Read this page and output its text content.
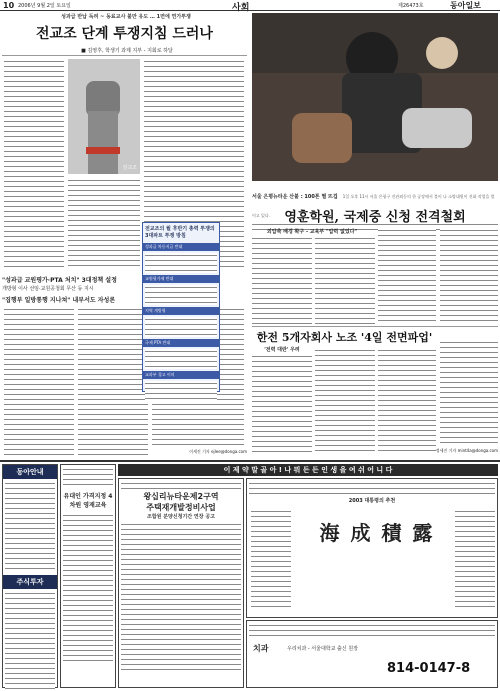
10 2006년 9월 2일 토요일	사회	제26473호	동아일보
성과급 반납 독려 ~ 동료교사 불만 유도 … 1면에 연가투쟁
전교조 단계 투쟁지침 드러나
■ 김영후, 학생기 과제 지부 - 지회로 하달
전교조
"성과급 교원평가·PTA 처치" 3대정책 설정
개방형 이사 선임·교원공청회 무산 등 지시
"집행부 일방통행 지나쳐" 내부서도 자성론
이세진 기자 ejlee@donga.com
전교조의 월 후반기 총력 투쟁의 3대파트 투쟁 방침
성과급 차등지급 반대
교원평가제 반대
지역 개방형
국제 PTA 반대
교과부 경고 이의
서울 은평뉴타운 산불 : 100톤 떨 뜨겁 1일 오후 11시 서울 은평구 진관외동의 한 공장에서 불이 나 소방대원이 진화 작업을 벌이고 있다.	영훈학원, 국제중 신청 전격철회
외압축 배경 확구 - 교육부 "압력 없었다"
한전 5개자회사 노조 '4일 전면파업'
'전력 대란' 우려
정세진 기자 mint4a@donga.com
동아안내
주식투자
유대인 가격지정 4차원 영재교육
이 제 약 말 골 아 ! 나 뭐 든 든 인 생 을 여 쉬 어 니 다
왕십리뉴타운제2구역
주택재개발정비사업
조합원 분양신청기간 연장 공고
2003 대통령의 추천
海 成 積 露
치과	우리치과 - 서울대학교 출신 원장
814-0147-8
